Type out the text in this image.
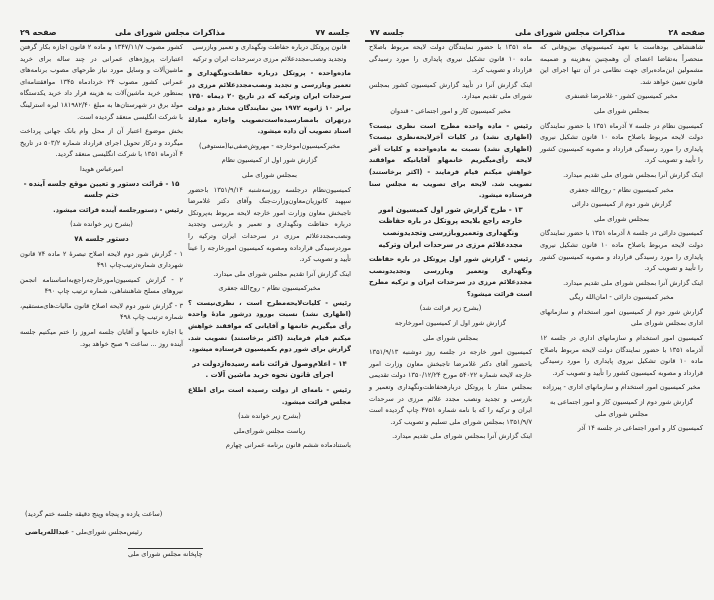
صفحه ۲۹	مذاکرات مجلس شورای ملی	جلسه ۷۷

کشور مصوب ۱۳۴۷/۱۱/۷ و ماده ۲ قانون اجازه بکار گرفتن اعتبارات پروژه‌های عمرانی در چند ساله برای خرید ماشین‌آلات و وسایل مورد نیاز طرحهای مصوب برنامه‌های عمرانی کشور مصوب ۲۴ خردادماه ۱۳۴۵ موافقتنامه‌ای بمنظور خرید ماشین‌آلات به هزینه قرار داد خرید یکدستگاه مولد برق در شهرستان‌ها به مبلغ ۱۸۱۹۸۲/۴۰ لیره استرلینگ با شرکت انگلیسی منعقد گردیده است.

بخش موضوع اعتبار آن از محل وام بانک جهانی پرداخت میگردد و درکار تحویل اجرای قرارداد شماره ۵۰۳/۲ در تاریخ ۴ آذرماه ۱۳۵۱ با شرکت انگلیسی منعقد گردید.

امیرعباس هویدا

۱۵ - قرائت دستور و تعیین موقع جلسه آینده - ختم جلسه

رئیس - دستورجلسه آینده قرائت میشود.

(بشرح زیر خوانده شد)

دستور جلسه ۷۸

۱ - گزارش شور دوم لایحه اصلاح تبصرهٔ ۲ ماده ۷۴ قانون شهرداری شماره‌ثرتیب‌چاپ ۴۹۱

۲ - گزارش کمیسیون‌امور‌خارجه‌راجع‌به‌اساسنامه انجمن نیروهای مسلح شاهنشاهی، شماره ترتیب چاپ ۴۹۰

۳ - گزارش شور دوم لایحه اصلاح قانون مالیات‌های‌مستقیم، شماره ترتیب چاپ ۴۹۸

با اجازه خانمها و آقایان جلسه امروز را ختم میکنیم جلسه آینده روز ... ساعت ۹ صبح خواهد بود.

قانون پروتکل درباره حفاظت ونگهداری و تعمیر وبازرسی وتجدید ونصب‌مجددعلائم مرزی درسرحدات ایران و ترکیه

ماده‌واحده - پروتکل درباره حفاظت‌ونگهداری و تعمیر وبازرسی و تجدید ونصب‌مجددعلائم مرزی در سرحدات ایران وترکیه که در تاریخ ۲۰ دیماه ۱۳۵۰ برابر ۱۰ ژانویه ۱۹۷۲ بین نمایندگان مختار دو دولت درتهران بامضارسیده‌است‌تصویب واجازه مبادلهٔ اسناد تصویب آن داده میشود.

مخبرکمیسیون‌اموخارجه - مهروش‌صفی‌نیا(مستوفی)

گزارش شور اول از کمیسیون نظام

بمجلس شورای ملی

کمیسیون‌نظام درجلسه روزسه‌شنبه ۱۳۵۱/۹/۱۴ باحضور سپهبد کاتوزیان‌معاون‌وزارت‌جنگ وآقای دکتر غلامرضا تاجبخش معاون وزارت امور خارجه لایحه مربوط به‌پروتکل درباره حفاظت ونگهداری و تعمیر و بازرسی وتجدید ونصب‌مجددعلائم مرزی در سرحدات ایران وترکیه را موردرسیدگی قرارداده ومصوبه کمیسیون امورخارجه را عیناً تأیید و تصویب کرد.

اینک گزارش آنرا تقدیم مجلس شورای ملی میدارد.

مخبرکمیسیون نظام - روح‌الله جعفری

رئیس - کلیات‌لایحه‌مطرح است ، نظری‌نیست ؟ (اظهاری نشد) نسبت بورود درشور مادهٔ واحده رأی میگیریم خانمها و آقایانی که موافقند خواهش میکنم قیام فرمایند (اکثر برخاستند) تصویب شد. گزارش برای شور دوم بکمیسیون فرستاده میشود.

۱۴ - اعلام‌وصول قرائت نامه رسیده‌ازدولت در اجرای قانون نحوه خرید ماشین آلات .

رئیس - نامه‌ای از دولت رسیده است برای اطلاع مجلس قرائت میشود.

(بشرح زیر خوانده شد)

ریاست مجلس شورای‌ملی

باستناد‌ماده ششم قانون برنامه عمرانی چهارم

(ساعت یازده و پنجاه وپنج دقیقه جلسه ختم گردید)
رئیس‌مجلس شورای‌ملی - عبدالله‌ریاضی
چاپخانه مجلس شورای ملی
جلسه ۷۷	مذاکرات مجلس شورای ملی	صفحه ۲۸

ماه ۱۳۵۱ با حضور نمایندگان دولت لایحه مربوط باصلاح ماده ۱۰ قانون تشکیل نیروی پایداری را مورد رسیدگی قرارداد و تصویب کرد.

اینک گزارش آنرا در تأیید گزارش کمیسیون کشور بمجلس شورای ملی تقدیم میدارد.

مخبر کمیسیون کار و امور اجتماعی - قندوان

رئیس - ماده واحده مطرح است نظری نیست؟ (اظهاری نشد) در کلیات آخرلایحه‌نظری نیست؟ (اظهاری نشد) نسبت به ماده‌واحده و کلیات آخر لایحه رأی‌میگیریم خانمهاو آقایانیکه موافقند خواهش میکنم قیام فرمایند - (اکثر برخاستند) تصویب شد. لایحه برای تصویب به مجلس سنا فرستاده میشود.

۱۳ - طرح گزارش شور اول کمیسیون امور خارجه راجع بلایحه پروتکل در باره حفاظت ونگهداری وتعمیروبازرسی وتجدیدونصب مجددعلائم مرزی در سرحدات ایران وترکیه

رئیس - گزارش شور اول پروتکل در باره حفاظت ونگهداری وتعمیر وبازرسی وتجدیدونصب مجددعلائم مرزی در سرحدات ایران و ترکیه مطرح است قرائت میشود؟

(بشرح زیر قرائت شد)

گزارش شور اول از کمیسیون امورخارجه

بمجلس شورای ملی

کمیسیون امور خارجه در جلسه روز دوشنبه ۱۳۵۱/۹/۱۳ باحضور آقای دکتر غلامرضا تاجبخش معاون وزارت امور خارجه لایحه شماره ۵۴۰۲۲ مورخ ۱۳۵۰/۱۲/۲۴ دولت تقدیمی بمجلس متنار با پروتکل دربارهحفاظت‌ونگهداری وتعمیر و بازرسی و تجدید ونصب مجدد علائم مرزی در سرحدات ایران و ترکیه را که با نامه شماره ۴۷۵۱ چاپ گردیده است ۱۳۵۱/۹/۷ بمجلس شورای ملی تسلیم و تصویب کرد.

اینک گزارش آنرا بمجلس شورای ملی تقدیم میدارد.

شاهنشاهی بودهاست با تعهد کمیسیونهای بین‌وقانی که منحصراً به‌تقاضا اعضای آن وهمچنین به‌هزینه و ضمیمه مشمولین این‌ماده‌برای جهت نظامی در آن تنها اجرای این قانون تعیین خواهد شد.

مخبر کمیسیون کشور - غلامرضا غضنفری

بمجلس شورای ملی

کمیسیون نظام در جلسه ۷ آذرماه ۱۳۵۱ با حضور نمایندگان دولت لایحه مربوط باصلاح ماده ۱۰ قانون تشکیل نیروی پایداری را مورد رسیدگی قرارداد و مصوبه کمیسیون کشور را تأیید و تصویب کرد.

اینک گزارش آنرا بمجلس شورای ملی تقدیم میدارد.

مخبر کمیسیون نظام - روح‌الله جعفری

گزارش شور دوم از کمیسیون دارائی

بمجلس شورای ملی

کمیسیون دارائی در جلسه ۸ آذرماه ۱۳۵۱ با حضور نمایندگان دولت لایحه مربوط باصلاح ماده ۱۰ قانون تشکیل نیروی پایداری را مورد رسیدگی قرارداد و مصوبه کمیسیون کشور را تأیید و تصویب کرد.

اینک گزارش آنرا بمجلس شورای ملی تقدیم میدارد.

مخبر کمیسیون دارائی - امان‌الله ریگی

گزارش شور دوم از کمیسیون امور استخدام و سازمانهای اداری بمجلس شورای ملی

کمیسیون امور استخدام و سازمانهای اداری در جلسه ۱۲ آذرماه ۱۳۵۱ با حضور نمایندگان دولت لایحه مربوط باصلاح ماده ۱۰ قانون تشکیل نیروی پایداری را مورد رسیدگی قرارداد و مصوبه کمیسیون کشور را تأیید و تصویب کرد.

مخبر کمیسیون امور استخدام و سازمانهای اداری - پیرزاده

گزارش شور دوم از کمیسیون کار و امور اجتماعی به مجلس شورای ملی

کمیسیون کار و امور اجتماعی در جلسه ۱۴ آذر
